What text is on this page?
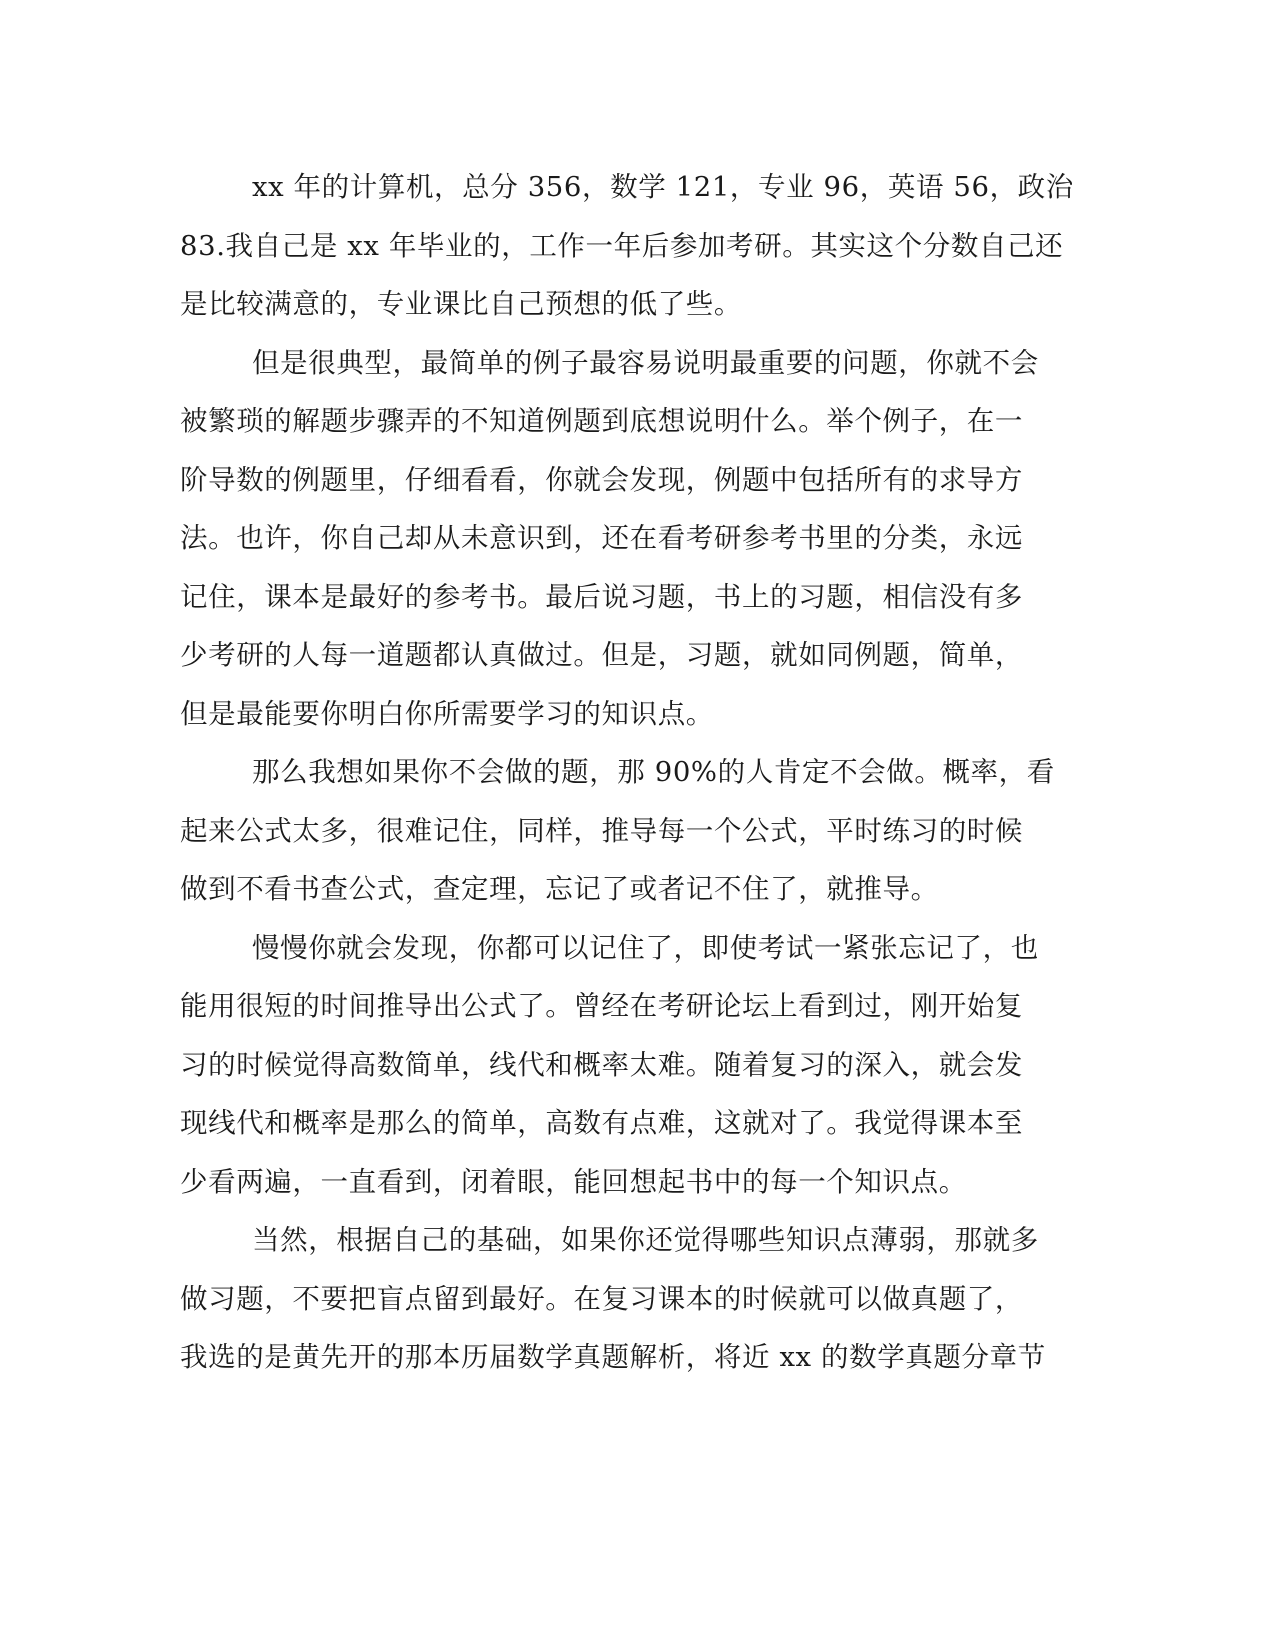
xx 年的计算机，总分 356，数学 121，专业 96，英语 56，政治
83.我自己是 xx 年毕业的，工作一年后参加考研。其实这个分数自己还
是比较满意的，专业课比自己预想的低了些。

但是很典型，最简单的例子最容易说明最重要的问题，你就不会
被繁琐的解题步骤弄的不知道例题到底想说明什么。举个例子，在一
阶导数的例题里，仔细看看，你就会发现，例题中包括所有的求导方
法。也许，你自己却从未意识到，还在看考研参考书里的分类，永远
记住，课本是最好的参考书。最后说习题，书上的习题，相信没有多
少考研的人每一道题都认真做过。但是，习题，就如同例题，简单，
但是最能要你明白你所需要学习的知识点。

那么我想如果你不会做的题，那 90%的人肯定不会做。概率，看
起来公式太多，很难记住，同样，推导每一个公式，平时练习的时候
做到不看书查公式，查定理，忘记了或者记不住了，就推导。

慢慢你就会发现，你都可以记住了，即使考试一紧张忘记了，也
能用很短的时间推导出公式了。曾经在考研论坛上看到过，刚开始复
习的时候觉得高数简单，线代和概率太难。随着复习的深入，就会发
现线代和概率是那么的简单，高数有点难，这就对了。我觉得课本至
少看两遍，一直看到，闭着眼，能回想起书中的每一个知识点。

当然，根据自己的基础，如果你还觉得哪些知识点薄弱，那就多
做习题，不要把盲点留到最好。在复习课本的时候就可以做真题了，
我选的是黄先开的那本历届数学真题解析，将近 xx 的数学真题分章节
